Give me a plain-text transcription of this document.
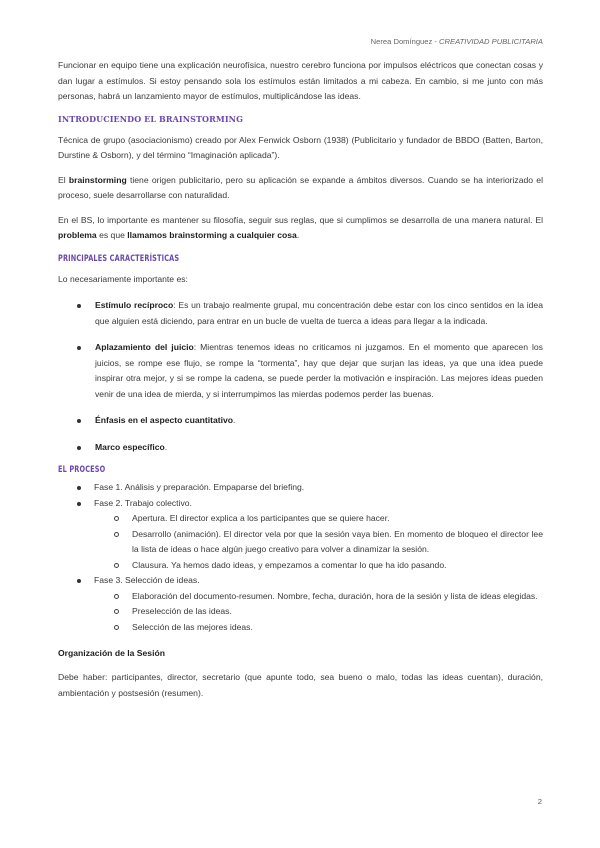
Nerea Domínguez - CREATIVIDAD PUBLICITARIA

Funcionar en equipo tiene una explicación neurofísica, nuestro cerebro funciona por impulsos eléctricos que conectan cosas y dan lugar a estímulos. Si estoy pensando sola los estímulos están limitados a mi cabeza. En cambio, si me junto con más personas, habrá un lanzamiento mayor de estímulos, multiplicándose las ideas.

INTRODUCIENDO EL BRAINSTORMING

Técnica de grupo (asociacionismo) creado por Alex Fenwick Osborn (1938) (Publicitario y fundador de BBDO (Batten, Barton, Durstine & Osborn), y del término “Imaginación aplicada”).

El brainstorming tiene origen publicitario, pero su aplicación se expande a ámbitos diversos. Cuando se ha interiorizado el proceso, suele desarrollarse con naturalidad.

En el BS, lo importante es mantener su filosofía, seguir sus reglas, que si cumplimos se desarrolla de una manera natural. El problema es que llamamos brainstorming a cualquier cosa.

PRINCIPALES CARACTERÍSTICAS

Lo necesariamente importante es:

Estímulo recíproco: Es un trabajo realmente grupal, mu concentración debe estar con los cinco sentidos en la idea que alguien está diciendo, para entrar en un bucle de vuelta de tuerca a ideas para llegar a la indicada.
Aplazamiento del juicio: Mientras tenemos ideas no criticamos ni juzgamos. En el momento que aparecen los juicios, se rompe ese flujo, se rompe la “tormenta”, hay que dejar que surjan las ideas, ya que una idea puede inspirar otra mejor, y si se rompe la cadena, se puede perder la motivación e inspiración. Las mejores ideas pueden venir de una idea de mierda, y si interrumpimos las mierdas podemos perder las buenas.
Énfasis en el aspecto cuantitativo.
Marco específico.
EL PROCESO
Fase 1. Análisis y preparación. Empaparse del briefing.
Fase 2. Trabajo colectivo.
Apertura. El director explica a los participantes que se quiere hacer.
Desarrollo (animación). El director vela por que la sesión vaya bien. En momento de bloqueo el director lee la lista de ideas o hace algún juego creativo para volver a dinamizar la sesión.
Clausura. Ya hemos dado ideas, y empezamos a comentar lo que ha ido pasando.
Fase 3. Selección de ideas.
Elaboración del documento-resumen. Nombre, fecha, duración, hora de la sesión y lista de ideas elegidas.
Preselección de las ideas.
Selección de las mejores ideas.
Organización de la Sesión

Debe haber: participantes, director, secretario (que apunte todo, sea bueno o malo, todas las ideas cuentan), duración, ambientación y postsesión (resumen).

2
